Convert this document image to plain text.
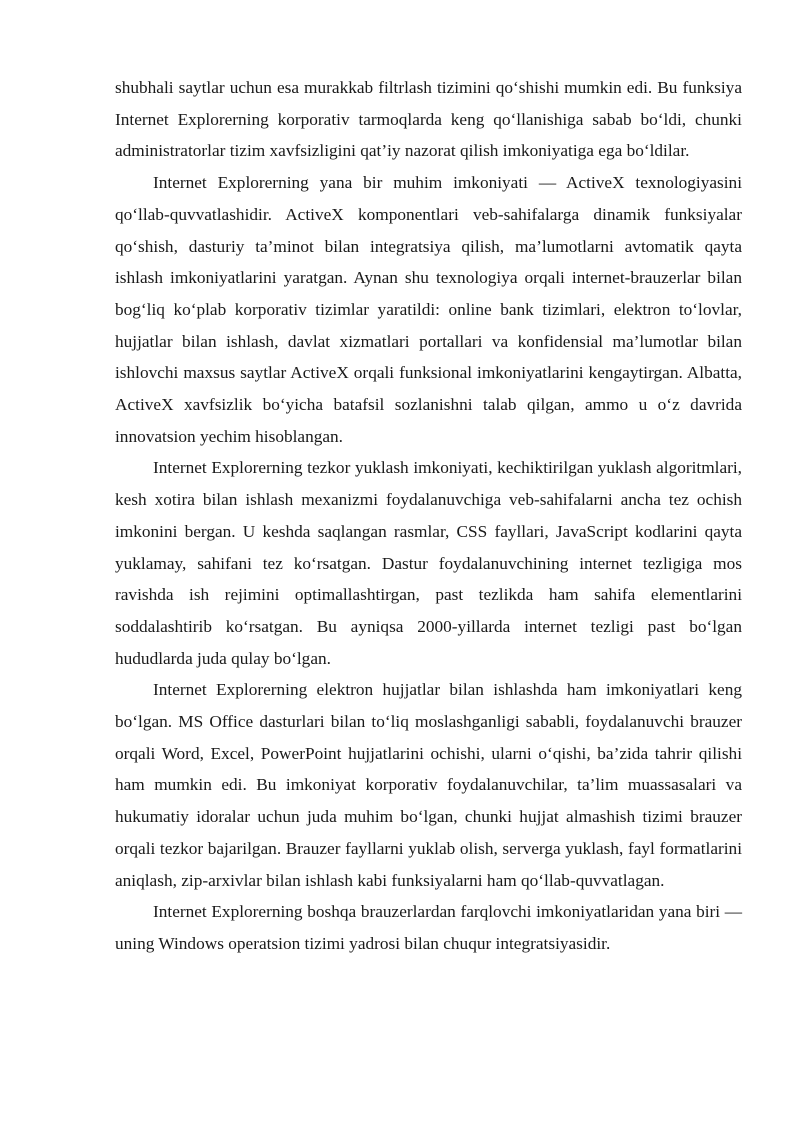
shubhali saytlar uchun esa murakkab filtrlash tizimini qo‘shishi mumkin edi. Bu funksiya Internet Explorerning korporativ tarmoqlarda keng qo‘llanishiga sabab bo‘ldi, chunki administratorlar tizim xavfsizligini qat’iy nazorat qilish imkoniyatiga ega bo‘ldilar.

Internet Explorerning yana bir muhim imkoniyati — ActiveX texnologiyasini qo‘llab-quvvatlashidir. ActiveX komponentlari veb-sahifalarga dinamik funksiyalar qo‘shish, dasturiy ta’minot bilan integratsiya qilish, ma’lumotlarni avtomatik qayta ishlash imkoniyatlarini yaratgan. Aynan shu texnologiya orqali internet-brauzerlar bilan bog‘liq ko‘plab korporativ tizimlar yaratildi: online bank tizimlari, elektron to‘lovlar, hujjatlar bilan ishlash, davlat xizmatlari portallari va konfidensial ma’lumotlar bilan ishlovchi maxsus saytlar ActiveX orqali funksional imkoniyatlarini kengaytirgan. Albatta, ActiveX xavfsizlik bo‘yicha batafsil sozlanishni talab qilgan, ammo u o‘z davrida innovatsion yechim hisoblangan.

Internet Explorerning tezkor yuklash imkoniyati, kechiktirilgan yuklash algoritmlari, kesh xotira bilan ishlash mexanizmi foydalanuvchiga veb-sahifalarni ancha tez ochish imkonini bergan. U keshda saqlangan rasmlar, CSS fayllari, JavaScript kodlarini qayta yuklamay, sahifani tez ko‘rsatgan. Dastur foydalanuvchining internet tezligiga mos ravishda ish rejimini optimallashtirgan, past tezlikda ham sahifa elementlarini soddalashtirib ko‘rsatgan. Bu ayniqsa 2000-yillarda internet tezligi past bo‘lgan hududlarda juda qulay bo‘lgan.

Internet Explorerning elektron hujjatlar bilan ishlashda ham imkoniyatlari keng bo‘lgan. MS Office dasturlari bilan to‘liq moslashganligi sababli, foydalanuvchi brauzer orqali Word, Excel, PowerPoint hujjatlarini ochishi, ularni o‘qishi, ba’zida tahrir qilishi ham mumkin edi. Bu imkoniyat korporativ foydalanuvchilar, ta’lim muassasalari va hukumatiy idoralar uchun juda muhim bo‘lgan, chunki hujjat almashish tizimi brauzer orqali tezkor bajarilgan. Brauzer fayllarni yuklab olish, serverga yuklash, fayl formatlarini aniqlash, zip-arxivlar bilan ishlash kabi funksiyalarni ham qo‘llab-quvvatlagan.

Internet Explorerning boshqa brauzerlardan farqlovchi imkoniyatlaridan yana biri — uning Windows operatsion tizimi yadrosi bilan chuqur integratsiyasidir.
